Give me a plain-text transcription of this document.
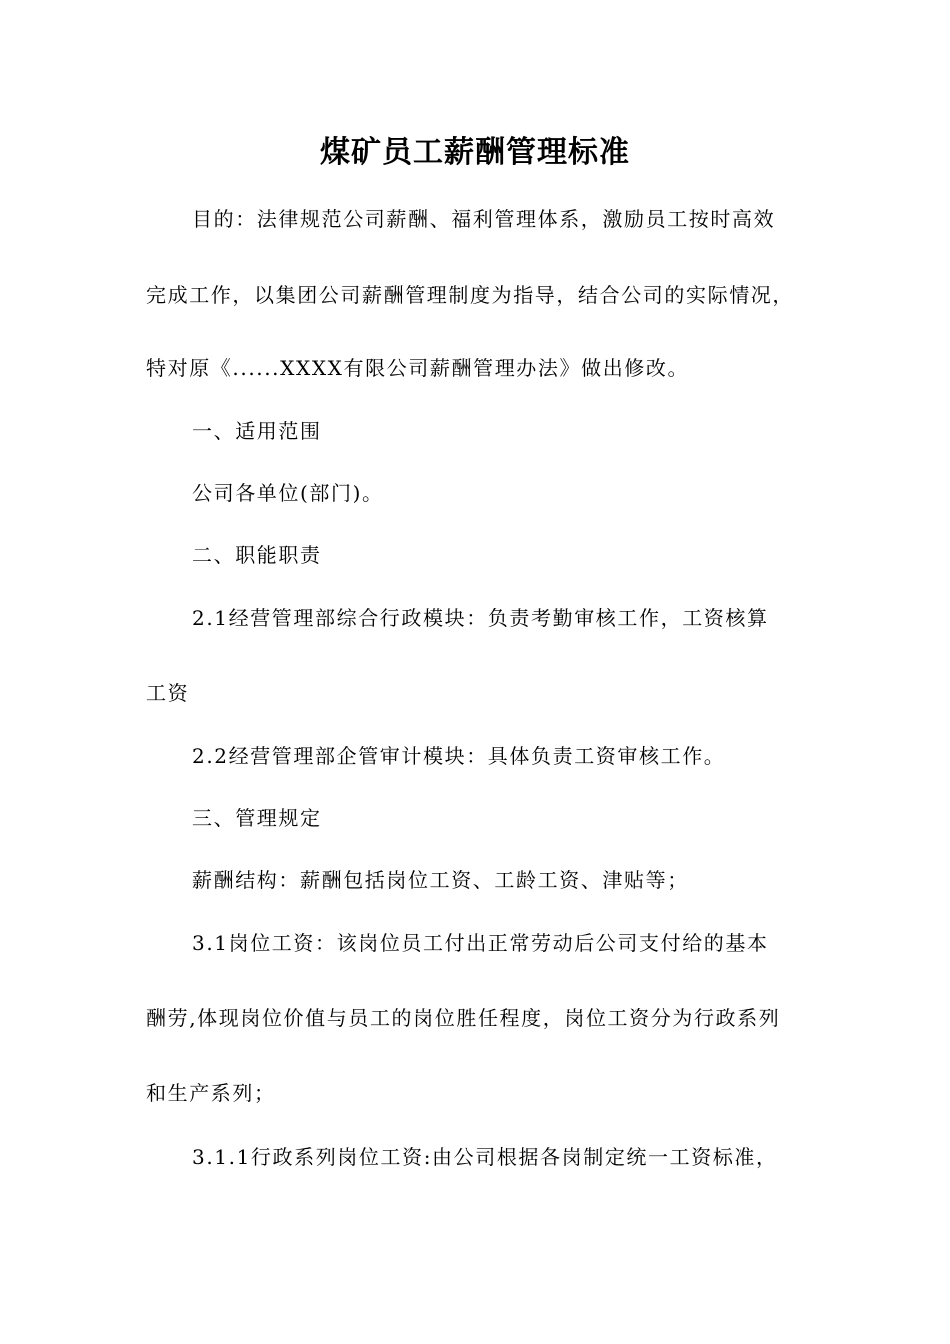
煤矿员工薪酬管理标准
目的：法律规范公司薪酬、福利管理体系，激励员工按时高效
完成工作，以集团公司薪酬管理制度为指导，结合公司的实际情况，
特对原《......XXXX有限公司薪酬管理办法》做出修改。
一、适用范围
公司各单位(部门)。
二、职能职责
2.1经营管理部综合行政模块：负责考勤审核工作，工资核算
工资
2.2经营管理部企管审计模块：具体负责工资审核工作。
三、管理规定
薪酬结构：薪酬包括岗位工资、工龄工资、津贴等；
3.1岗位工资：该岗位员工付出正常劳动后公司支付给的基本
酬劳,体现岗位价值与员工的岗位胜任程度，岗位工资分为行政系列
和生产系列；
3.1.1行政系列岗位工资:由公司根据各岗制定统一工资标准，
